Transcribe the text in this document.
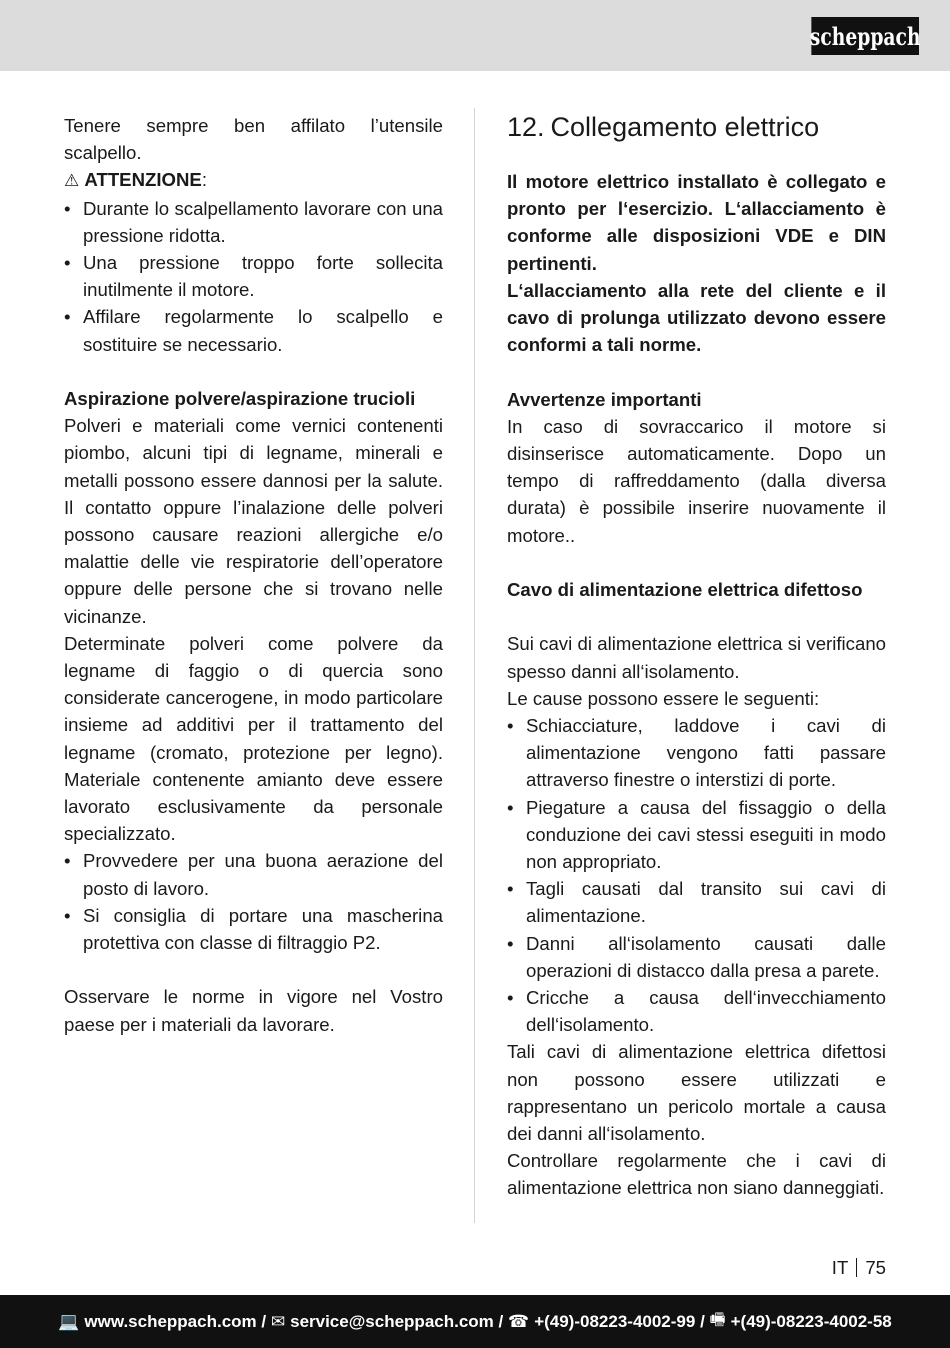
scheppach

Tenere sempre ben affilato l’utensile scalpello.

⚠ ATTENZIONE:
• Durante lo scalpellamento lavorare con una pressione ridotta.
• Una pressione troppo forte sollecita inutilmente il motore.
• Affilare regolarmente lo scalpello e sostituire se necessario.

Aspirazione polvere/aspirazione trucioli

Polveri e materiali come vernici contenenti piombo, alcuni tipi di legname, minerali e metalli possono essere dannosi per la salute. Il contatto oppure l’inalazione delle polveri possono causare reazioni allergiche e/o malattie delle vie respiratorie dell’operatore oppure delle persone che si trovano nelle vicinanze.

Determinate polveri come polvere da legname di faggio o di quercia sono considerate cancerogene, in modo particolare insieme ad additivi per il trattamento del legname (cromato, protezione per legno). Materiale contenente amianto deve essere lavorato esclusivamente da personale specializzato.

• Provvedere per una buona aerazione del posto di lavoro.
• Si consiglia di portare una mascherina protettiva con classe di filtraggio P2.

Osservare le norme in vigore nel Vostro paese per i materiali da lavorare.

12. Collegamento elettrico

Il motore elettrico installato è collegato e pronto per l‘esercizio. L‘allacciamento è conforme alle disposizioni VDE e DIN pertinenti.

L‘allacciamento alla rete del cliente e il cavo di prolunga utilizzato devono essere conformi a tali norme.

Avvertenze importanti

In caso di sovraccarico il motore si disinserisce automaticamente. Dopo un tempo di raffreddamento (dalla diversa durata) è possibile inserire nuovamente il motore..

Cavo di alimentazione elettrica difettoso

Sui cavi di alimentazione elettrica si verificano spesso danni all‘isolamento.

Le cause possono essere le seguenti:

• Schiacciature, laddove i cavi di alimentazione vengono fatti passare attraverso finestre o interstizi di porte.
• Piegature a causa del fissaggio o della conduzione dei cavi stessi eseguiti in modo non appropriato.
• Tagli causati dal transito sui cavi di alimentazione.
• Danni all‘isolamento causati dalle operazioni di distacco dalla presa a parete.
• Cricche a causa dell‘invecchiamento dell‘isolamento.

Tali cavi di alimentazione elettrica difettosi non possono essere utilizzati e rappresentano un pericolo mortale a causa dei danni all‘isolamento.

Controllare regolarmente che i cavi di alimentazione elettrica non siano danneggiati.

IT 75
💻 www.scheppach.com
/
✉ service@scheppach.com
/
☎ +(49)-08223-4002-99
/
🖷 +(49)-08223-4002-58
